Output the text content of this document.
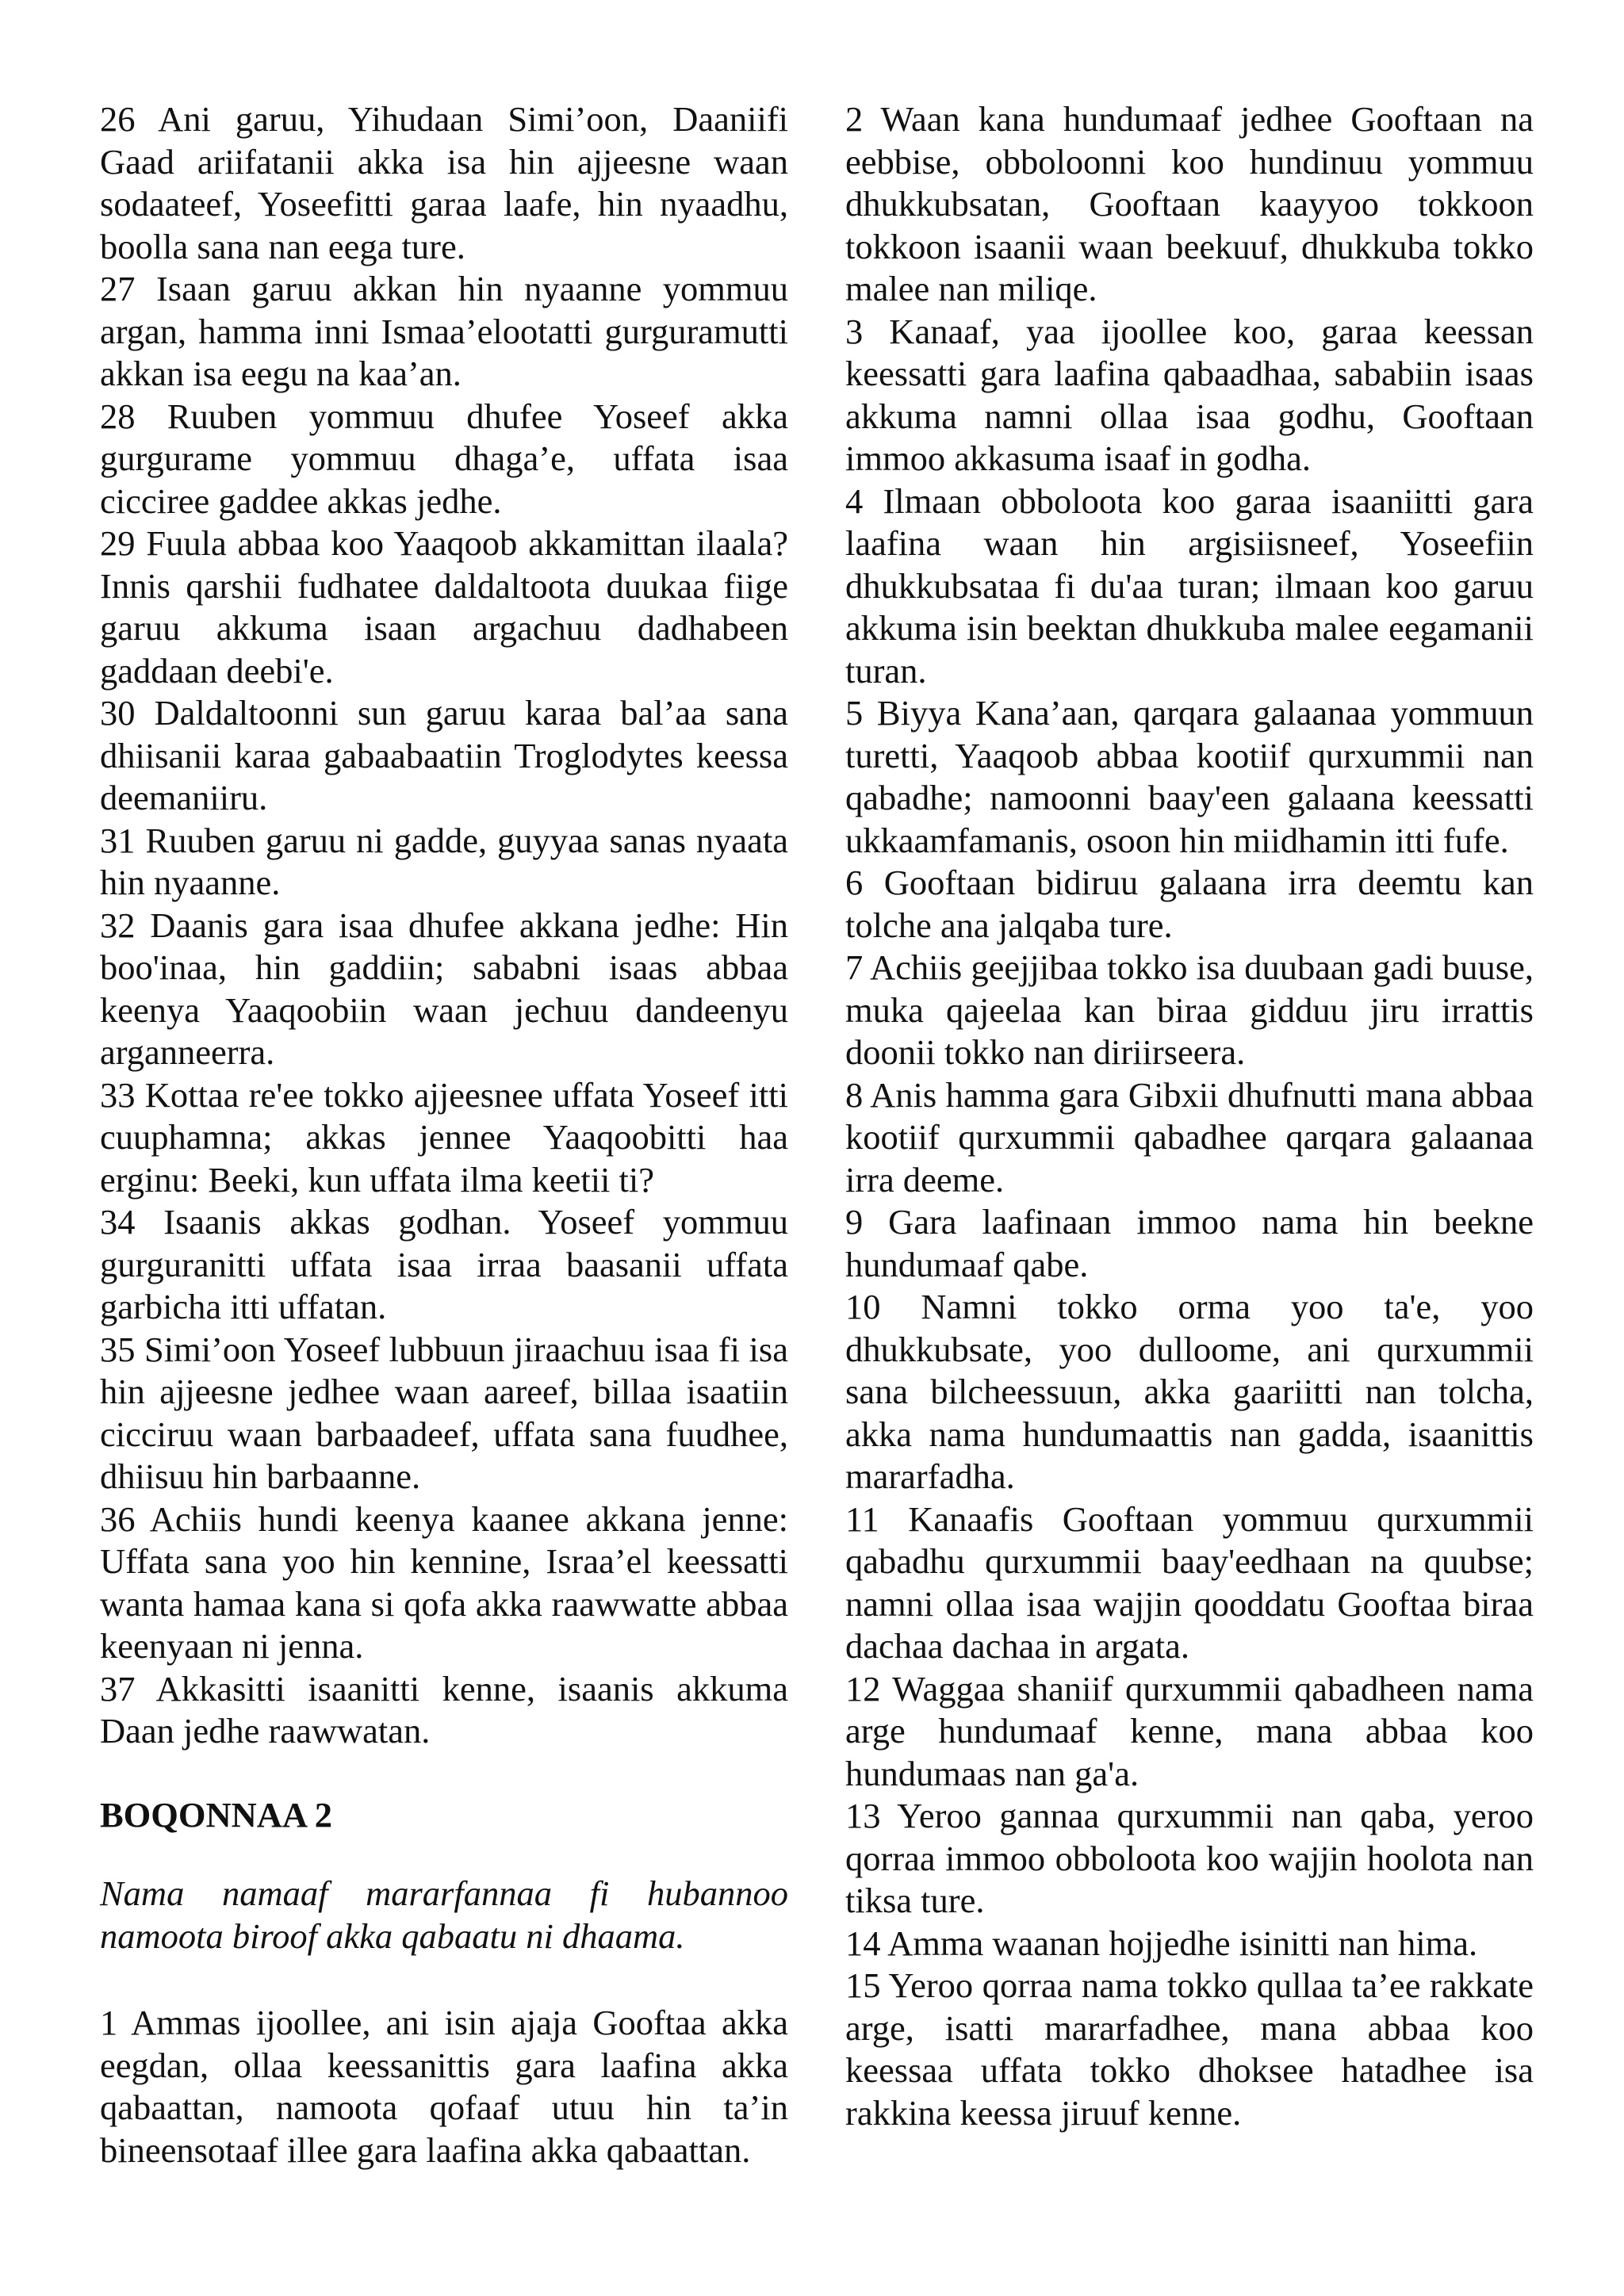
26 Ani garuu, Yihudaan Simi’oon, Daaniifi Gaad ariifatanii akka isa hin ajjeesne waan sodaateef, Yoseefitti garaa laafe, hin nyaadhu, boolla sana nan eega ture.

27 Isaan garuu akkan hin nyaanne yommuu argan, hamma inni Ismaa’elootatti gurguramutti akkan isa eegu na kaa’an.

28 Ruuben yommuu dhufee Yoseef akka gurgurame yommuu dhaga’e, uffata isaa cicciree gaddee akkas jedhe.

29 Fuula abbaa koo Yaaqoob akkamittan ilaala? Innis qarshii fudhatee daldaltoota duukaa fiige garuu akkuma isaan argachuu dadhabeen gaddaan deebi'e.

30 Daldaltoonni sun garuu karaa bal’aa sana dhiisanii karaa gabaabaatiin Troglodytes keessa deemaniiru.

31 Ruuben garuu ni gadde, guyyaa sanas nyaata hin nyaanne.

32 Daanis gara isaa dhufee akkana jedhe: Hin boo'inaa, hin gaddiin; sababni isaas abbaa keenya Yaaqoobiin waan jechuu dandeenyu arganneerra.

33 Kottaa re'ee tokko ajjeesnee uffata Yoseef itti cuuphamna; akkas jennee Yaaqoobitti haa erginu: Beeki, kun uffata ilma keetii ti?

34 Isaanis akkas godhan. Yoseef yommuu gurguranitti uffata isaa irraa baasanii uffata garbicha itti uffatan.

35 Simi’oon Yoseef lubbuun jiraachuu isaa fi isa hin ajjeesne jedhee waan aareef, billaa isaatiin cicciruu waan barbaadeef, uffata sana fuudhee, dhiisuu hin barbaanne.

36 Achiis hundi keenya kaanee akkana jenne: Uffata sana yoo hin kennine, Israa’el keessatti wanta hamaa kana si qofa akka raawwatte abbaa keenyaan ni jenna.

37 Akkasitti isaanitti kenne, isaanis akkuma Daan jedhe raawwatan.

BOQONNAA 2

Nama namaaf mararfannaa fi hubannoo namoota biroof akka qabaatu ni dhaama.

1 Ammas ijoollee, ani isin ajaja Gooftaa akka eegdan, ollaa keessanittis gara laafina akka qabaattan, namoota qofaaf utuu hin ta’in bineensotaaf illee gara laafina akka qabaattan.

2 Waan kana hundumaaf jedhee Gooftaan na eebbise, obboloonni koo hundinuu yommuu dhukkubsatan, Gooftaan kaayyoo tokkoon tokkoon isaanii waan beekuuf, dhukkuba tokko malee nan miliqe.

3 Kanaaf, yaa ijoollee koo, garaa keessan keessatti gara laafina qabaadhaa, sababiin isaas akkuma namni ollaa isaa godhu, Gooftaan immoo akkasuma isaaf in godha.

4 Ilmaan obboloota koo garaa isaaniitti gara laafina waan hin argisiisneef, Yoseefiin dhukkubsataa fi du'aa turan; ilmaan koo garuu akkuma isin beektan dhukkuba malee eegamanii turan.

5 Biyya Kana’aan, qarqara galaanaa yommuun turetti, Yaaqoob abbaa kootiif qurxummii nan qabadhe; namoonni baay'een galaana keessatti ukkaamfamanis, osoon hin miidhamin itti fufe.

6 Gooftaan bidiruu galaana irra deemtu kan tolche ana jalqaba ture.

7 Achiis geejjibaa tokko isa duubaan gadi buuse, muka qajeelaa kan biraa gidduu jiru irrattis doonii tokko nan diriirseera.

8 Anis hamma gara Gibxii dhufnutti mana abbaa kootiif qurxummii qabadhee qarqara galaanaa irra deeme.

9 Gara laafinaan immoo nama hin beekne hundumaaf qabe.

10 Namni tokko orma yoo ta'e, yoo dhukkubsate, yoo dulloome, ani qurxummii sana bilcheessuun, akka gaariitti nan tolcha, akka nama hundumaattis nan gadda, isaanittis mararfadha.

11 Kanaafis Gooftaan yommuu qurxummii qabadhu qurxummii baay'eedhaan na quubse; namni ollaa isaa wajjin qooddatu Gooftaa biraa dachaa dachaa in argata.

12 Waggaa shaniif qurxummii qabadheen nama arge hundumaaf kenne, mana abbaa koo hundumaas nan ga'a.

13 Yeroo gannaa qurxummii nan qaba, yeroo qorraa immoo obboloota koo wajjin hoolota nan tiksa ture.

14 Amma waanan hojjedhe isinitti nan hima.

15 Yeroo qorraa nama tokko qullaa ta’ee rakkate arge, isatti mararfadhee, mana abbaa koo keessaa uffata tokko dhoksee hatadhee isa rakkina keessa jiruuf kenne.
